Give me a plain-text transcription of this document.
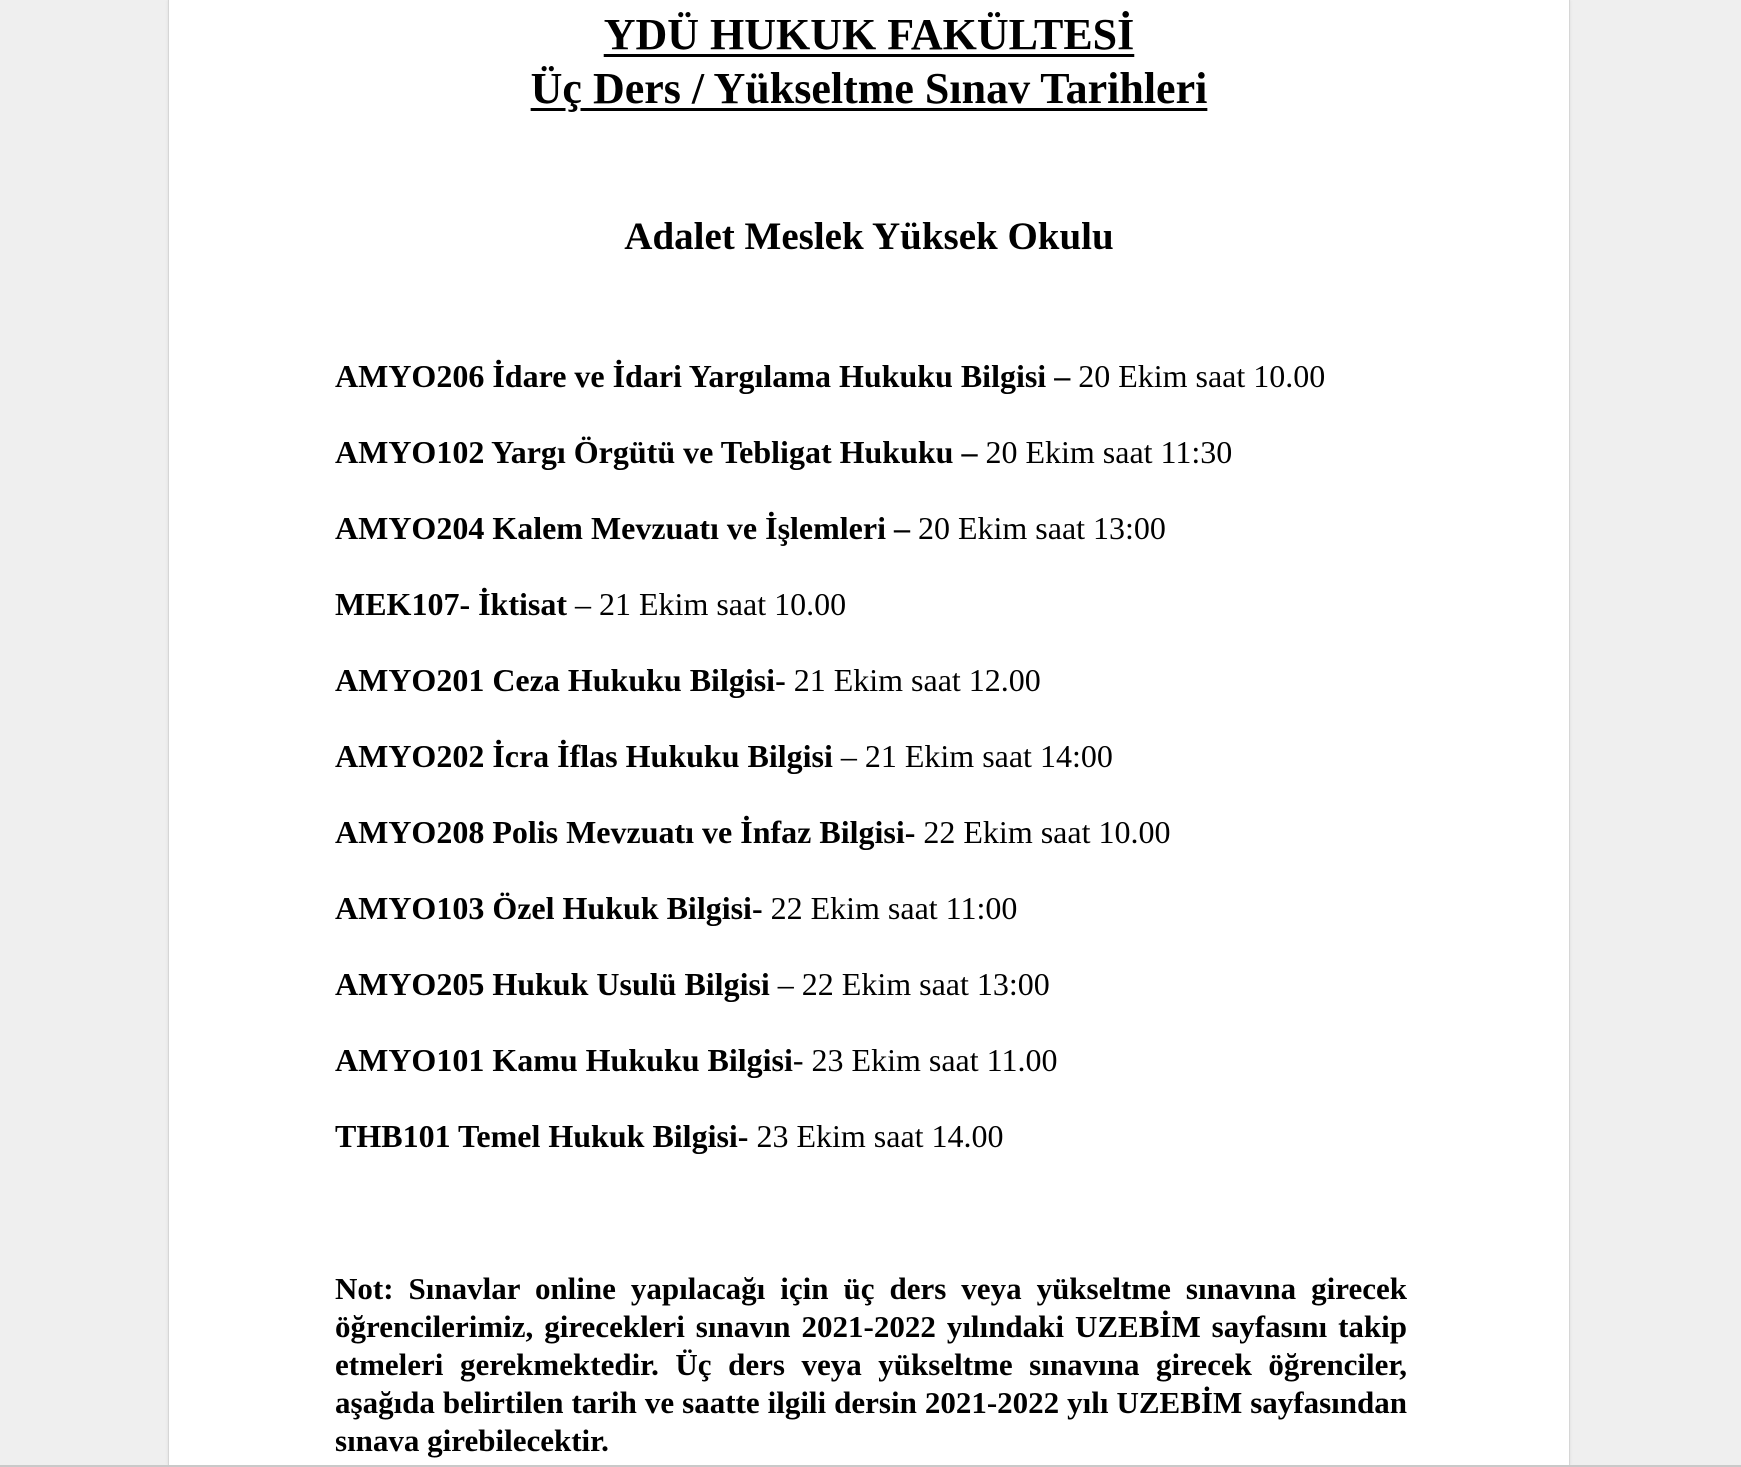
YDÜ HUKUK FAKÜLTESİ
Üç Ders / Yükseltme Sınav Tarihleri
Adalet Meslek Yüksek Okulu
AMYO206 İdare ve İdari Yargılama Hukuku Bilgisi – 20 Ekim saat 10.00
AMYO102 Yargı Örgütü ve Tebligat Hukuku – 20 Ekim saat 11:30
AMYO204 Kalem Mevzuatı ve İşlemleri – 20 Ekim saat 13:00
MEK107- İktisat – 21 Ekim saat 10.00
AMYO201 Ceza Hukuku Bilgisi- 21 Ekim saat 12.00
AMYO202 İcra İflas Hukuku Bilgisi – 21 Ekim saat 14:00
AMYO208 Polis Mevzuatı ve İnfaz Bilgisi- 22 Ekim saat 10.00
AMYO103 Özel Hukuk Bilgisi- 22 Ekim saat 11:00
AMYO205 Hukuk Usulü Bilgisi – 22 Ekim saat 13:00
AMYO101 Kamu Hukuku Bilgisi- 23 Ekim saat 11.00
THB101 Temel Hukuk Bilgisi- 23 Ekim saat 14.00

Not: Sınavlar online yapılacağı için üç ders veya yükseltme sınavına girecek öğrencilerimiz, girecekleri sınavın 2021-2022 yılındaki UZEBİM sayfasını takip etmeleri gerekmektedir. Üç ders veya yükseltme sınavına girecek öğrenciler, aşağıda belirtilen tarih ve saatte ilgili dersin 2021-2022 yılı UZEBİM sayfasından sınava girebilecektir.
